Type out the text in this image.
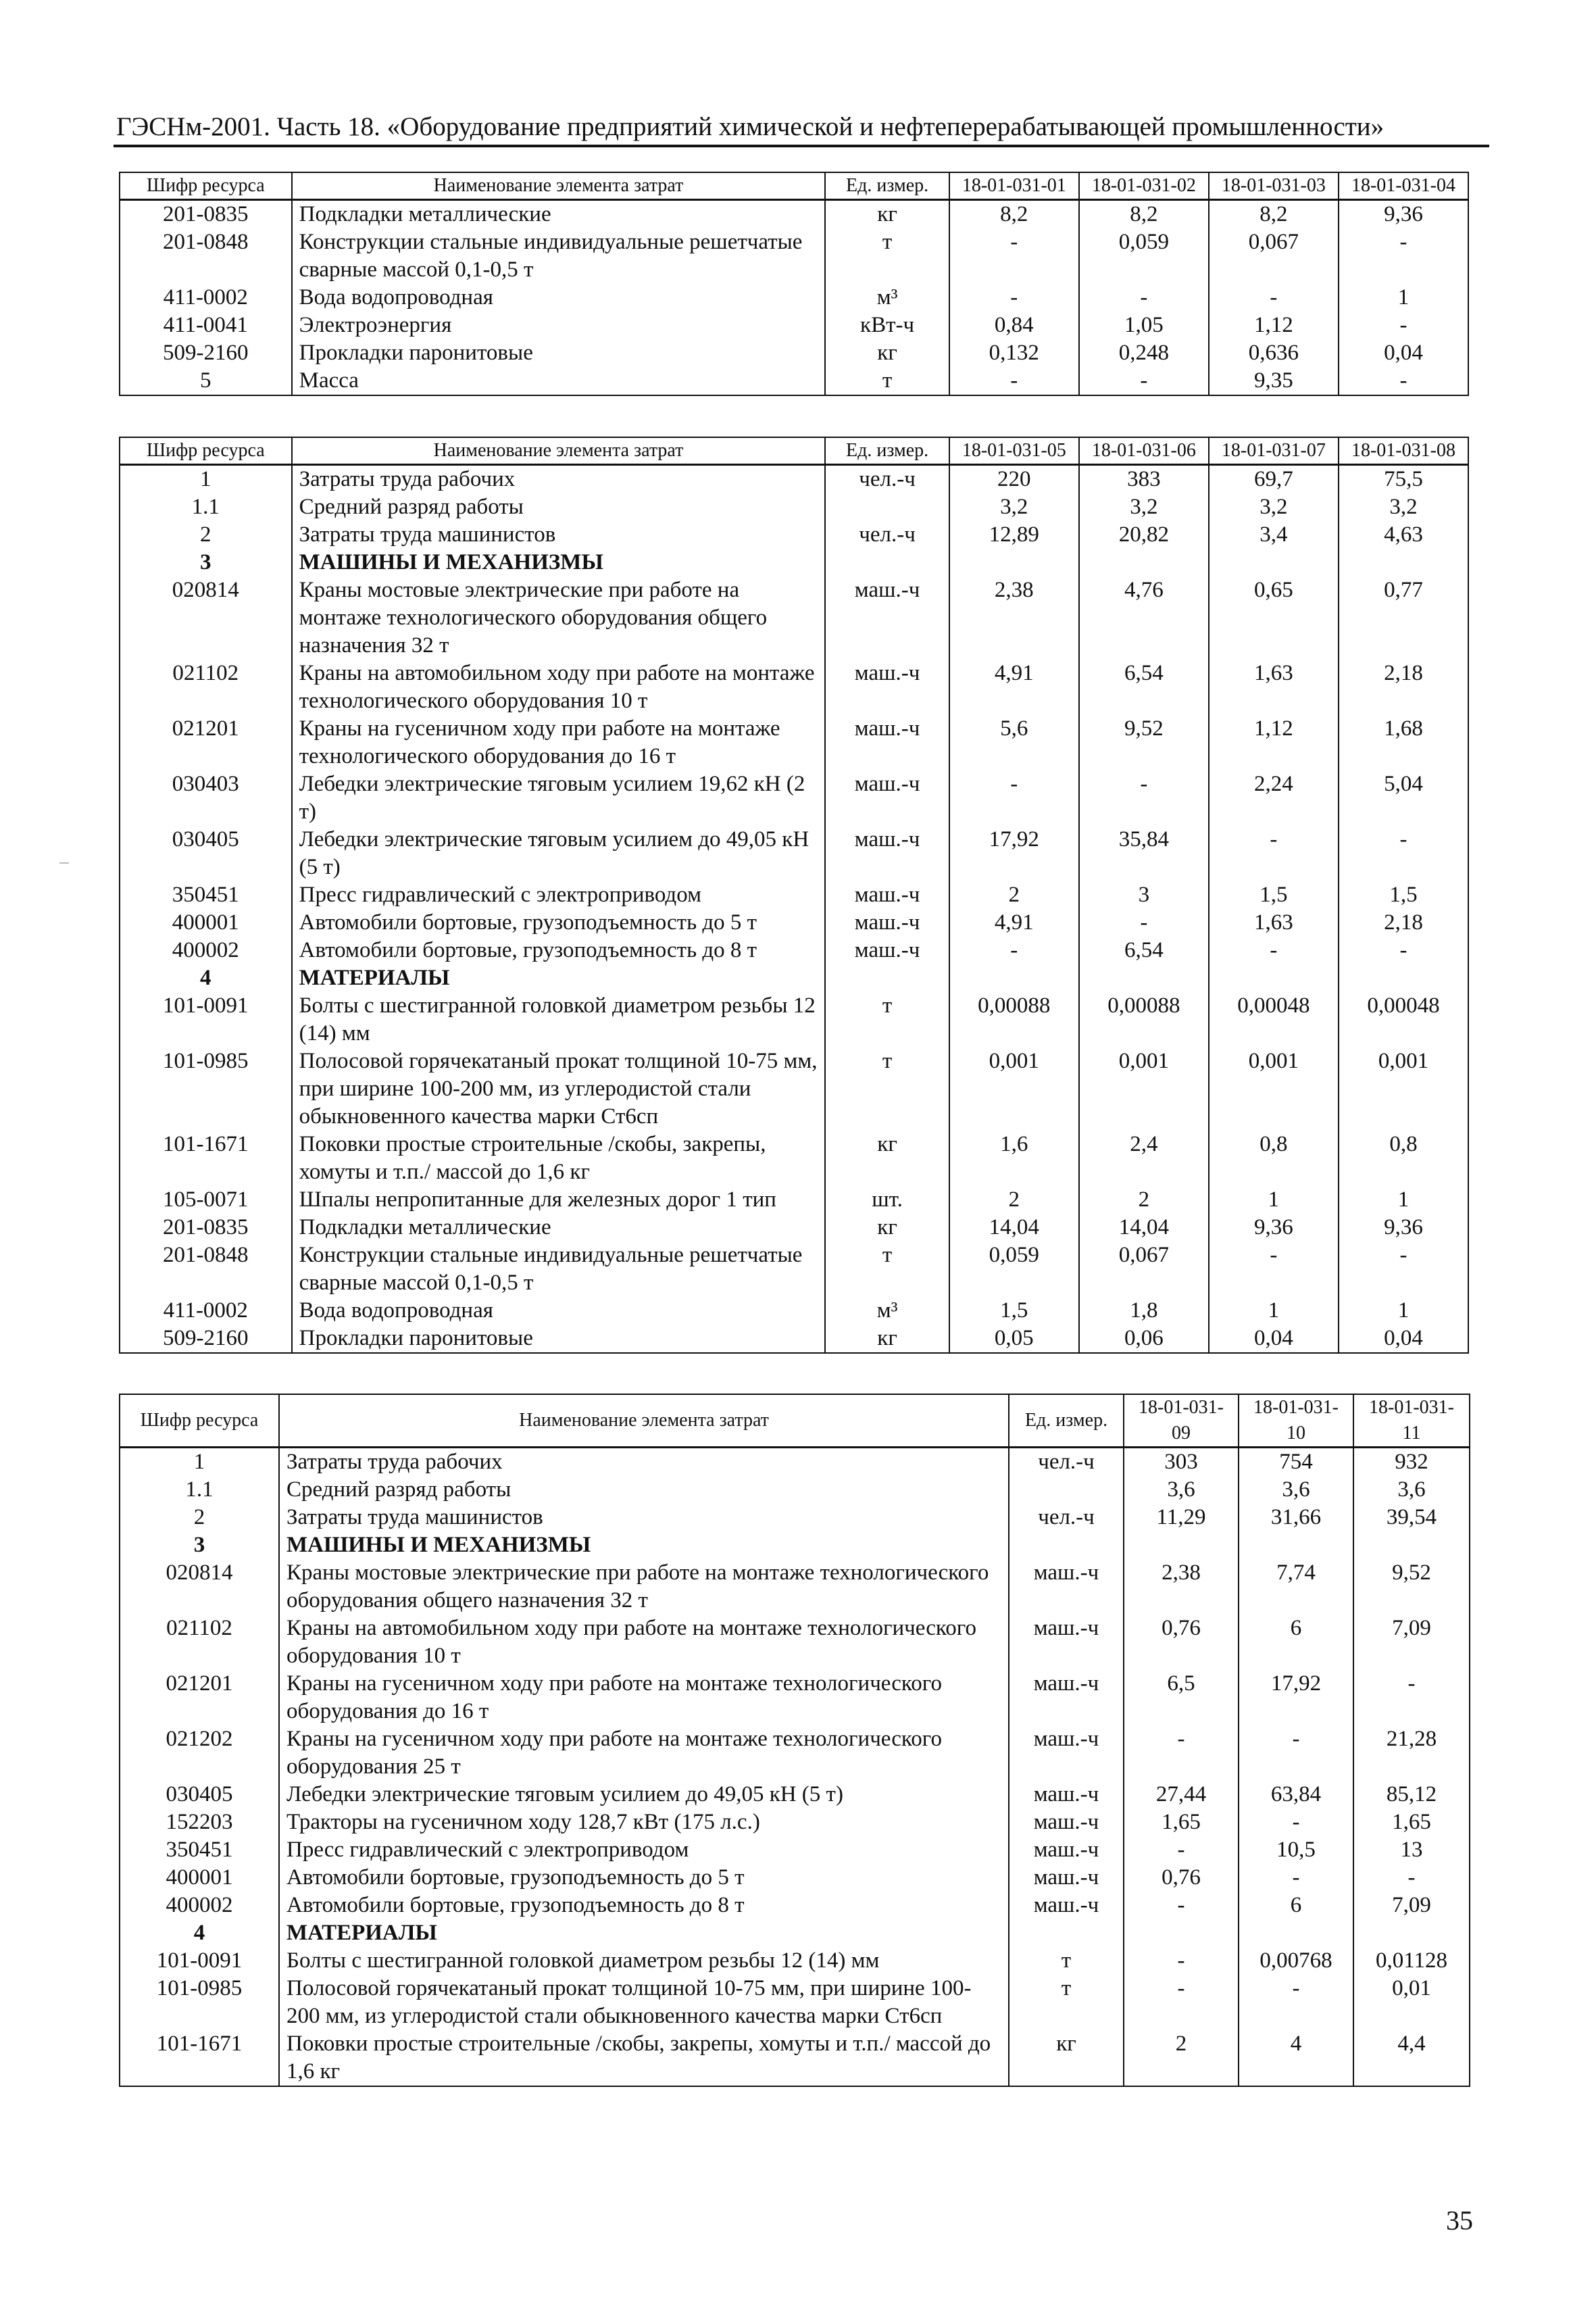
ГЭСНм-2001. Часть 18. «Оборудование предприятий химической и нефтеперерабатывающей промышленности»
Шифр ресурса	Наименование элемента затрат	Ед. измер.	18-01-031-01	18-01-031-02	18-01-031-03	18-01-031-04
201-0835	Подкладки металлические	кг	8,2	8,2	8,2	9,36
201-0848	Конструкции стальные индивидуальные решетчатые сварные массой 0,1-0,5 т	т	-	0,059	0,067	-
411-0002	Вода водопроводная	м³	-	-	-	1
411-0041	Электроэнергия	кВт-ч	0,84	1,05	1,12	-
509-2160	Прокладки паронитовые	кг	0,132	0,248	0,636	0,04
5	Масса	т	-	-	9,35	-
Шифр ресурса	Наименование элемента затрат	Ед. измер.	18-01-031-05	18-01-031-06	18-01-031-07	18-01-031-08
1	Затраты труда рабочих	чел.-ч	220	383	69,7	75,5
1.1	Средний разряд работы		3,2	3,2	3,2	3,2
2	Затраты труда машинистов	чел.-ч	12,89	20,82	3,4	4,63
3	МАШИНЫ И МЕХАНИЗМЫ					
020814	Краны мостовые электрические при работе на монтаже технологического оборудования общего назначения 32 т	маш.-ч	2,38	4,76	0,65	0,77
021102	Краны на автомобильном ходу при работе на монтаже технологического оборудования 10 т	маш.-ч	4,91	6,54	1,63	2,18
021201	Краны на гусеничном ходу при работе на монтаже технологического оборудования до 16 т	маш.-ч	5,6	9,52	1,12	1,68
030403	Лебедки электрические тяговым усилием 19,62 кН (2 т)	маш.-ч	-	-	2,24	5,04
030405	Лебедки электрические тяговым усилием до 49,05 кН (5 т)	маш.-ч	17,92	35,84	-	-
350451	Пресс гидравлический с электроприводом	маш.-ч	2	3	1,5	1,5
400001	Автомобили бортовые, грузоподъемность до 5 т	маш.-ч	4,91	-	1,63	2,18
400002	Автомобили бортовые, грузоподъемность до 8 т	маш.-ч	-	6,54	-	-
4	МАТЕРИАЛЫ					
101-0091	Болты с шестигранной головкой диаметром резьбы 12 (14) мм	т	0,00088	0,00088	0,00048	0,00048
101-0985	Полосовой горячекатаный прокат толщиной 10-75 мм, при ширине 100-200 мм, из углеродистой стали обыкновенного качества марки Ст6сп	т	0,001	0,001	0,001	0,001
101-1671	Поковки простые строительные /скобы, закрепы, хомуты и т.п./ массой до 1,6 кг	кг	1,6	2,4	0,8	0,8
105-0071	Шпалы непропитанные для железных дорог 1 тип	шт.	2	2	1	1
201-0835	Подкладки металлические	кг	14,04	14,04	9,36	9,36
201-0848	Конструкции стальные индивидуальные решетчатые сварные массой 0,1-0,5 т	т	0,059	0,067	-	-
411-0002	Вода водопроводная	м³	1,5	1,8	1	1
509-2160	Прокладки паронитовые	кг	0,05	0,06	0,04	0,04
Шифр ресурса	Наименование элемента затрат	Ед. измер.	18-01-031-09	18-01-031-10	18-01-031-11
1	Затраты труда рабочих	чел.-ч	303	754	932
1.1	Средний разряд работы		3,6	3,6	3,6
2	Затраты труда машинистов	чел.-ч	11,29	31,66	39,54
3	МАШИНЫ И МЕХАНИЗМЫ				
020814	Краны мостовые электрические при работе на монтаже технологического оборудования общего назначения 32 т	маш.-ч	2,38	7,74	9,52
021102	Краны на автомобильном ходу при работе на монтаже технологического оборудования 10 т	маш.-ч	0,76	6	7,09
021201	Краны на гусеничном ходу при работе на монтаже технологического оборудования до 16 т	маш.-ч	6,5	17,92	-
021202	Краны на гусеничном ходу при работе на монтаже технологического оборудования 25 т	маш.-ч	-	-	21,28
030405	Лебедки электрические тяговым усилием до 49,05 кН (5 т)	маш.-ч	27,44	63,84	85,12
152203	Тракторы на гусеничном ходу 128,7 кВт (175 л.с.)	маш.-ч	1,65	-	1,65
350451	Пресс гидравлический с электроприводом	маш.-ч	-	10,5	13
400001	Автомобили бортовые, грузоподъемность до 5 т	маш.-ч	0,76	-	-
400002	Автомобили бортовые, грузоподъемность до 8 т	маш.-ч	-	6	7,09
4	МАТЕРИАЛЫ				
101-0091	Болты с шестигранной головкой диаметром резьбы 12 (14) мм	т	-	0,00768	0,01128
101-0985	Полосовой горячекатаный прокат толщиной 10-75 мм, при ширине 100-200 мм, из углеродистой стали обыкновенного качества марки Ст6сп	т	-	-	0,01
101-1671	Поковки простые строительные /скобы, закрепы, хомуты и т.п./ массой до 1,6 кг	кг	2	4	4,4
35
